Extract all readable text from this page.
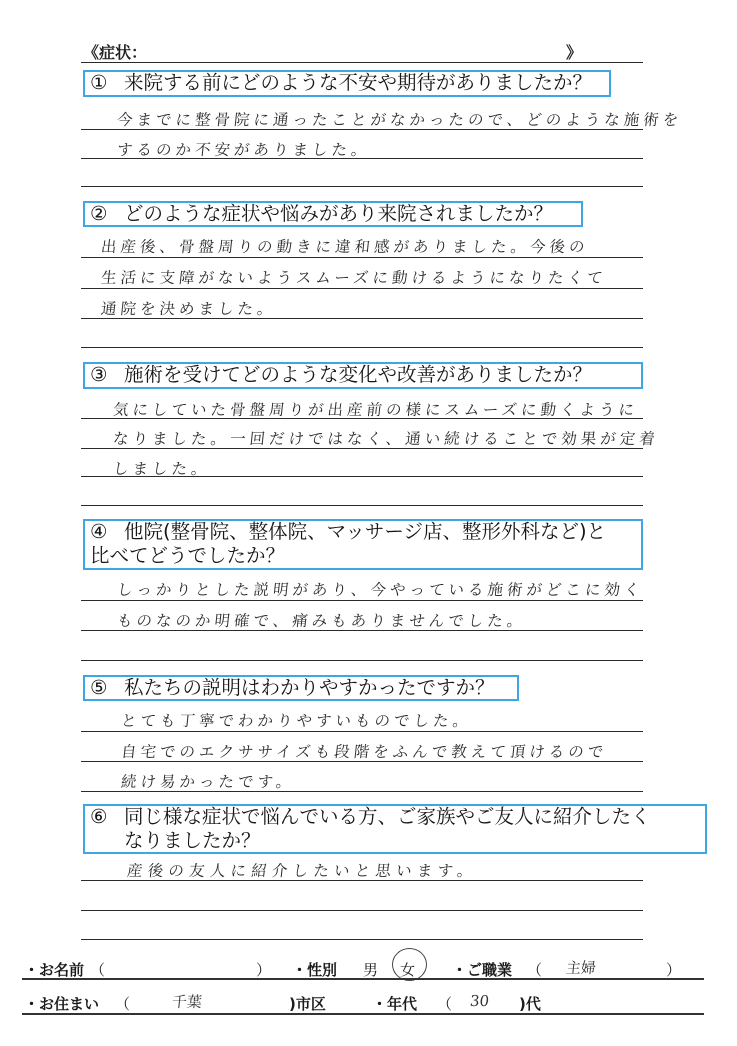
《症状：	》
① 来院する前にどのような不安や期待がありましたか？
今までに整骨院に通ったことがなかったので、どのような施術を
するのか不安がありました。
② どのような症状や悩みがあり来院されましたか？
出産後、骨盤周りの動きに違和感がありました。今後の
生活に支障がないようスムーズに動けるようになりたくて
通院を決めました。
③ 施術を受けてどのような変化や改善がありましたか？
気にしていた骨盤周りが出産前の様にスムーズに動くように
なりました。一回だけではなく、通い続けることで効果が定着
しました。
④ 他院(整骨院、整体院、マッサージ店、整形外科など)と
比べてどうでしたか？
しっかりとした説明があり、今やっている施術がどこに効く
ものなのか明確で、痛みもありませんでした。
⑤ 私たちの説明はわかりやすかったですか？
とても丁寧でわかりやすいものでした。
自宅でのエクササイズも段階をふんで教えて頂けるので
続け易かったです。
⑥ 同じ様な症状で悩んでいる方、ご家族やご友人に紹介したく
なりましたか？
産後の友人に紹介したいと思います。
・お名前 （	） ・性別 男 女 ・ご職業 （ 主婦	）
・お住まい （	千葉	)市区	・年代 （ 30 )代
